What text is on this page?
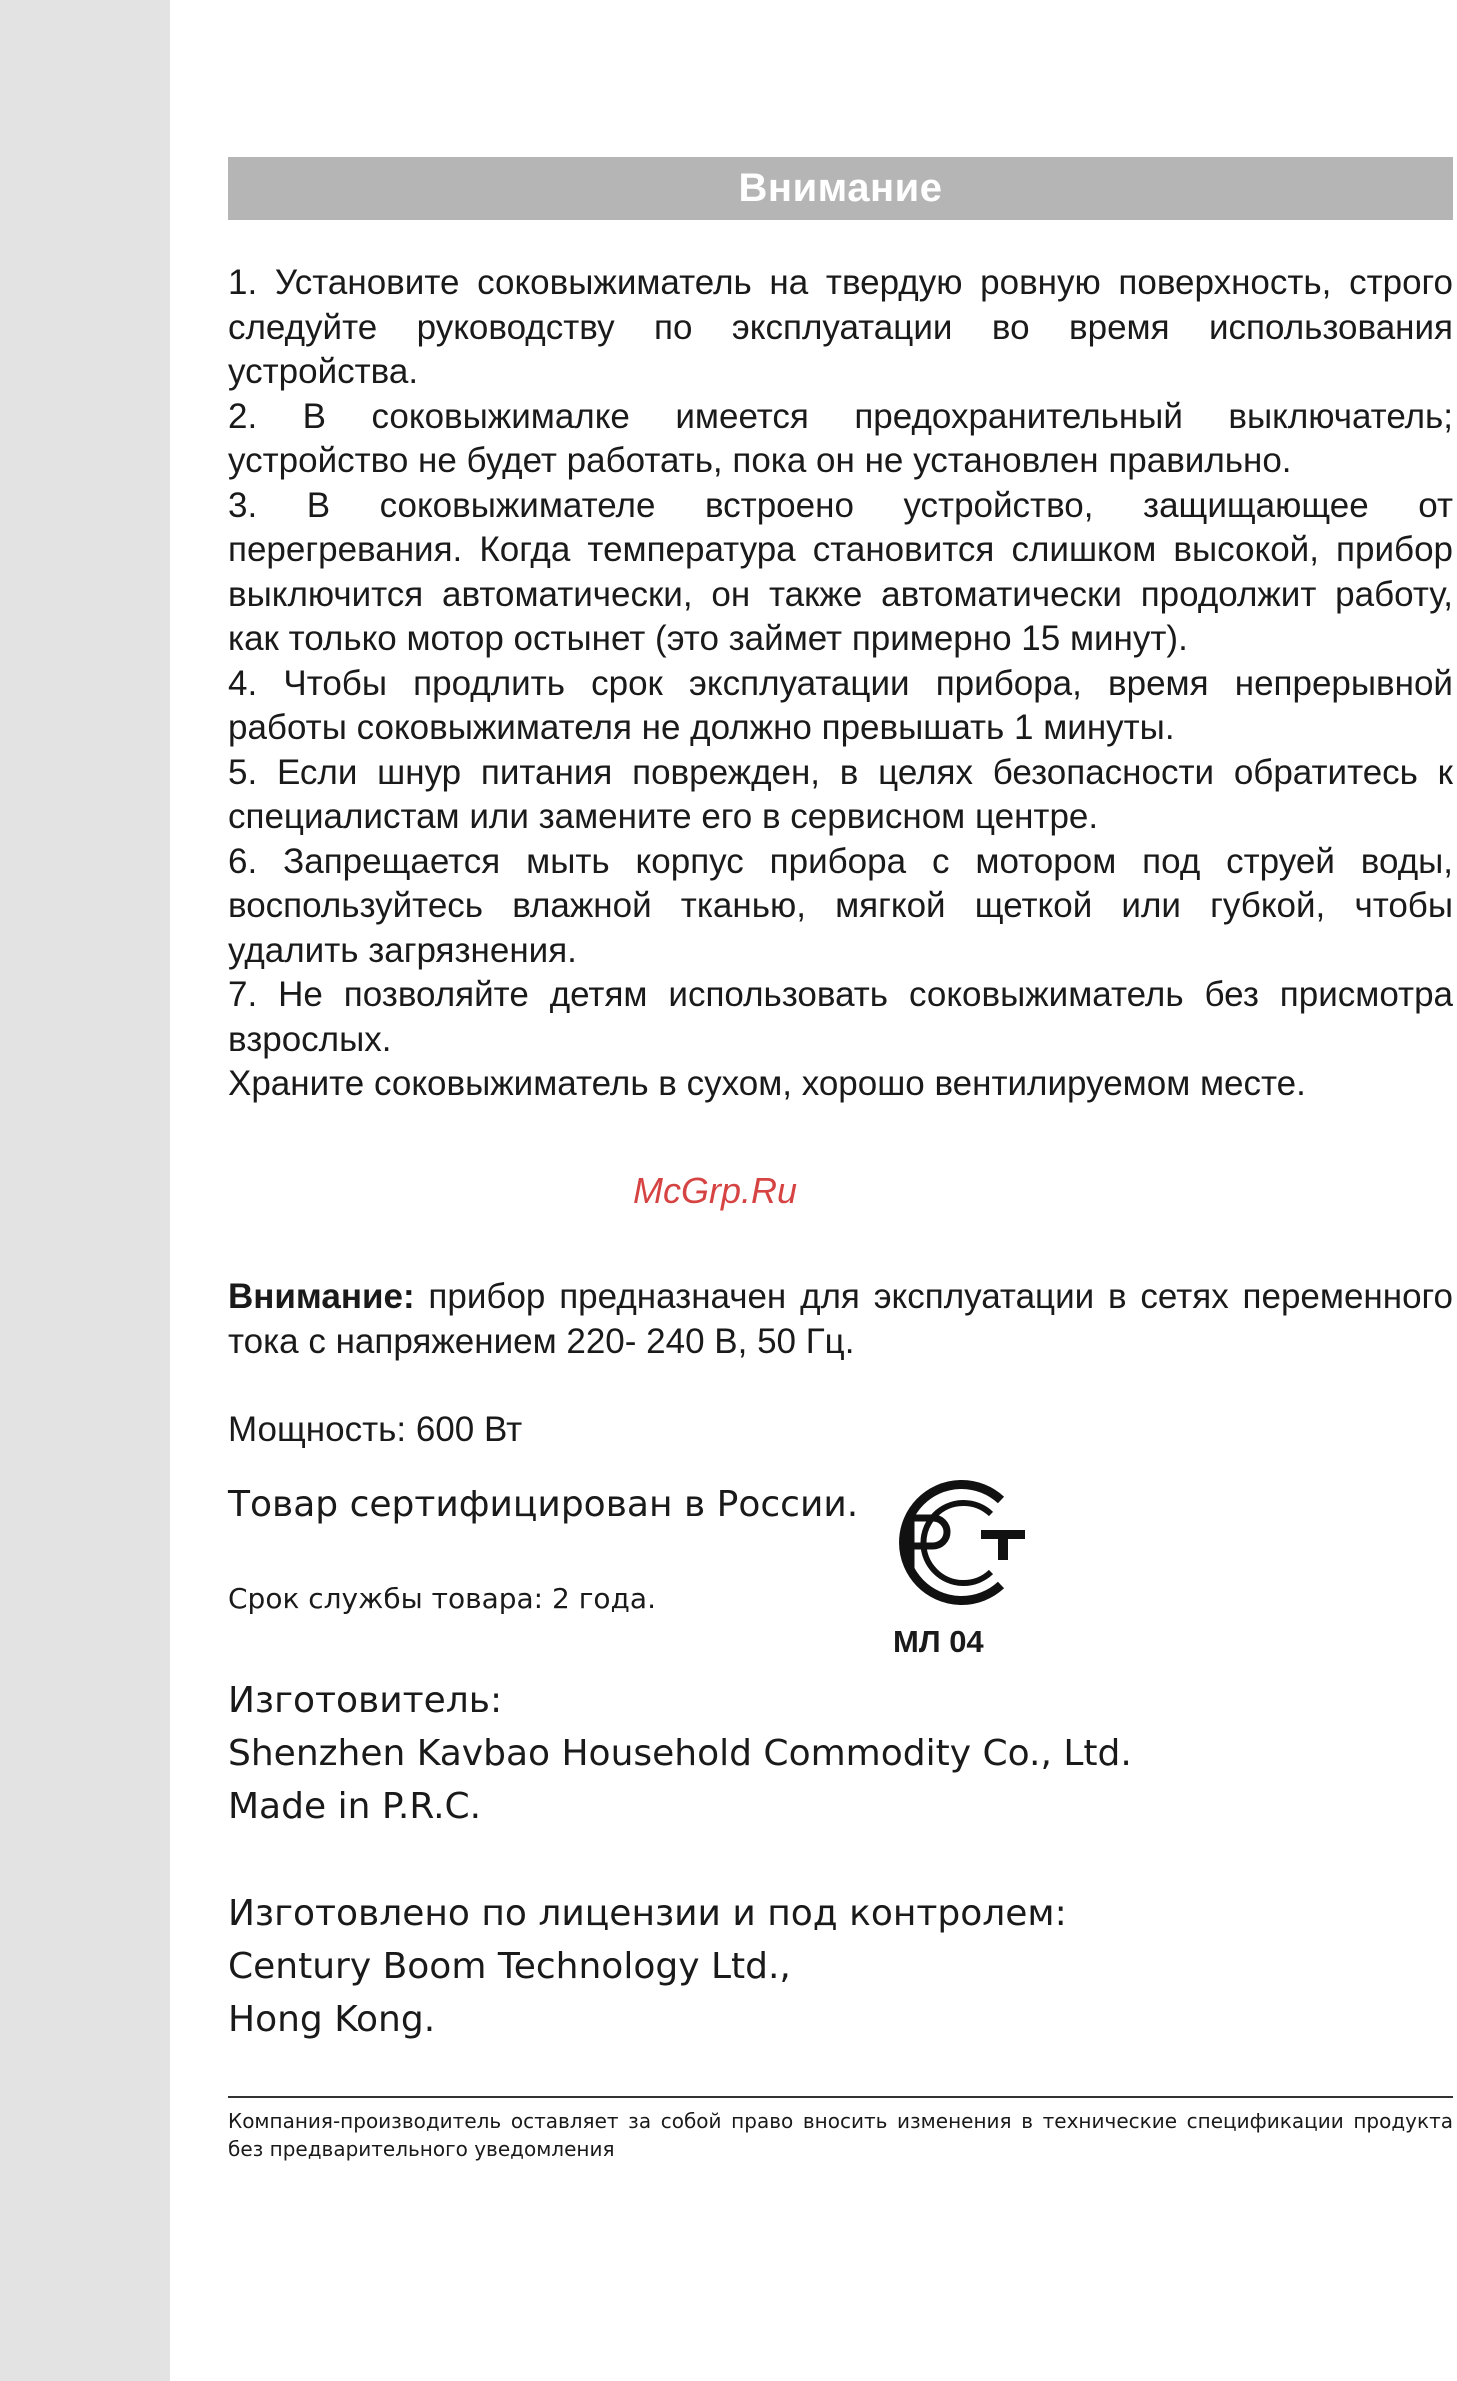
Внимание

1. Установите соковыжиматель на твердую ровную поверхность, строго следуйте руководству по эксплуатации во время использования устройства.

2. В соковыжималке имеется предохранительный выключатель; устройство не будет работать, пока он не установлен правильно.

3. В соковыжимателе встроено устройство, защищающее от перегревания. Когда температура становится слишком высокой, прибор выключится автоматически, он также автоматически продолжит работу, как только мотор остынет (это займет примерно 15 минут).

4. Чтобы продлить срок эксплуатации прибора, время непрерывной работы соковыжимателя не должно превышать 1 минуты.

5. Если шнур питания поврежден, в целях безопасности обратитесь к специалистам или замените его в сервисном центре.

6. Запрещается мыть корпус прибора с мотором под струей воды, воспользуйтесь влажной тканью, мягкой щеткой или губкой, чтобы удалить загрязнения.

7. Не позволяйте детям использовать соковыжиматель без присмотра взрослых.

Храните соковыжиматель в сухом, хорошо вентилируемом месте.

McGrp.Ru
Внимание: прибор предназначен для эксплуатации в сетях переменного тока с напряжением 220- 240 В, 50 Гц.
Мощность: 600 Вт
Товар сертифицирован в России.
Срок службы товара: 2 года.
МЛ 04
Изготовитель:
Shenzhen Kavbao Household Commodity Co., Ltd.
Made in P.R.C.
Изготовлено по лицензии и под контролем:
Century Boom Technology Ltd.,
Hong Kong.
Компания-производитель оставляет за собой право вносить изменения в технические спецификации продукта без предварительного уведомления
